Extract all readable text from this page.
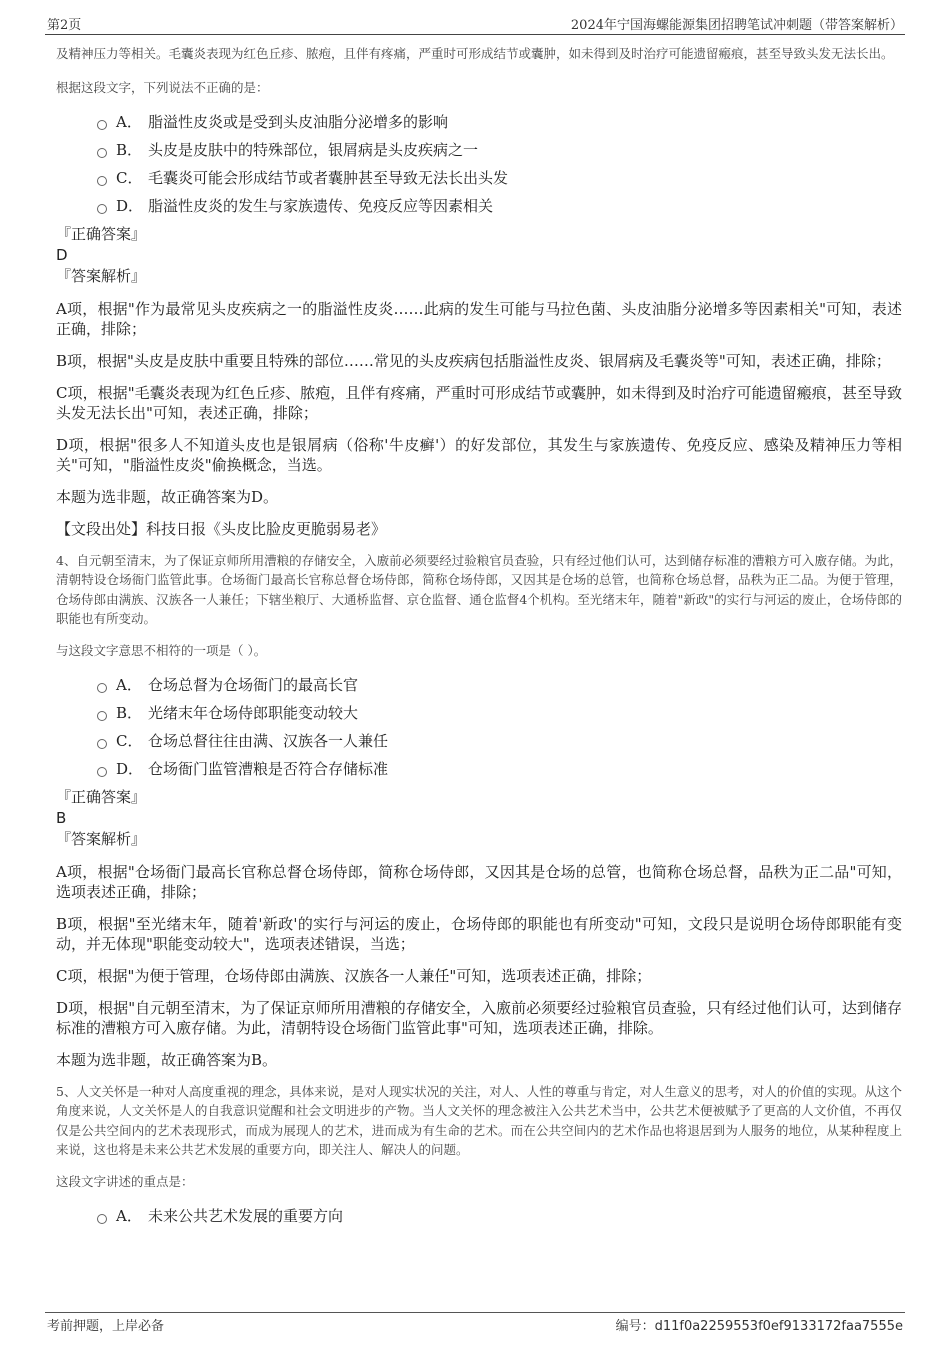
第2页	2024年宁国海螺能源集团招聘笔试冲刺题（带答案解析）

及精神压力等相关。毛囊炎表现为红色丘疹、脓疱，且伴有疼痛，严重时可形成结节或囊肿，如未得到及时治疗可能遗留瘢痕，甚至导致头发无法长出。

根据这段文字，下列说法不正确的是：

A． 脂溢性皮炎或是受到头皮油脂分泌增多的影响
B． 头皮是皮肤中的特殊部位，银屑病是头皮疾病之一
C． 毛囊炎可能会形成结节或者囊肿甚至导致无法长出头发
D． 脂溢性皮炎的发生与家族遗传、免疫反应等因素相关

『正确答案』

D

『答案解析』

A项，根据"作为最常见头皮疾病之一的脂溢性皮炎……此病的发生可能与马拉色菌、头皮油脂分泌增多等因素相关"可知，表述正确，排除；

B项，根据"头皮是皮肤中重要且特殊的部位……常见的头皮疾病包括脂溢性皮炎、银屑病及毛囊炎等"可知，表述正确，排除；

C项，根据"毛囊炎表现为红色丘疹、脓疱，且伴有疼痛，严重时可形成结节或囊肿，如未得到及时治疗可能遗留瘢痕，甚至导致头发无法长出"可知，表述正确，排除；

D项，根据"很多人不知道头皮也是银屑病（俗称'牛皮癣'）的好发部位，其发生与家族遗传、免疫反应、感染及精神压力等相关"可知，"脂溢性皮炎"偷换概念，当选。

本题为选非题，故正确答案为D。

【文段出处】科技日报《头皮比脸皮更脆弱易老》

4、自元朝至清末，为了保证京师所用漕粮的存储安全，入廒前必须要经过验粮官员查验，只有经过他们认可，达到储存标准的漕粮方可入廒存储。为此，清朝特设仓场衙门监管此事。仓场衙门最高长官称总督仓场侍郎，简称仓场侍郎，又因其是仓场的总管，也简称仓场总督，品秩为正二品。为便于管理，仓场侍郎由满族、汉族各一人兼任；下辖坐粮厅、大通桥监督、京仓监督、通仓监督4个机构。至光绪末年，随着"新政"的实行与河运的废止，仓场侍郎的职能也有所变动。

与这段文字意思不相符的一项是（ ）。

A． 仓场总督为仓场衙门的最高长官
B． 光绪末年仓场侍郎职能变动较大
C． 仓场总督往往由满、汉族各一人兼任
D． 仓场衙门监管漕粮是否符合存储标准

『正确答案』

B

『答案解析』

A项，根据"仓场衙门最高长官称总督仓场侍郎，简称仓场侍郎，又因其是仓场的总管，也简称仓场总督，品秩为正二品"可知，选项表述正确，排除；

B项，根据"至光绪末年，随着'新政'的实行与河运的废止，仓场侍郎的职能也有所变动"可知，文段只是说明仓场侍郎职能有变动，并无体现"职能变动较大"，选项表述错误，当选；

C项，根据"为便于管理，仓场侍郎由满族、汉族各一人兼任"可知，选项表述正确，排除；

D项，根据"自元朝至清末，为了保证京师所用漕粮的存储安全，入廒前必须要经过验粮官员查验，只有经过他们认可，达到储存标准的漕粮方可入廒存储。为此，清朝特设仓场衙门监管此事"可知，选项表述正确，排除。

本题为选非题，故正确答案为B。

5、人文关怀是一种对人高度重视的理念，具体来说，是对人现实状况的关注，对人、人性的尊重与肯定，对人生意义的思考，对人的价值的实现。从这个角度来说，人文关怀是人的自我意识觉醒和社会文明进步的产物。当人文关怀的理念被注入公共艺术当中，公共艺术便被赋予了更高的人文价值，不再仅仅是公共空间内的艺术表现形式，而成为展现人的艺术，进而成为有生命的艺术。而在公共空间内的艺术作品也将退居到为人服务的地位，从某种程度上来说，这也将是未来公共艺术发展的重要方向，即关注人、解决人的问题。

这段文字讲述的重点是：

A． 未来公共艺术发展的重要方向
考前押题，上岸必备	编号：d11f0a2259553f0ef9133172faa7555e
